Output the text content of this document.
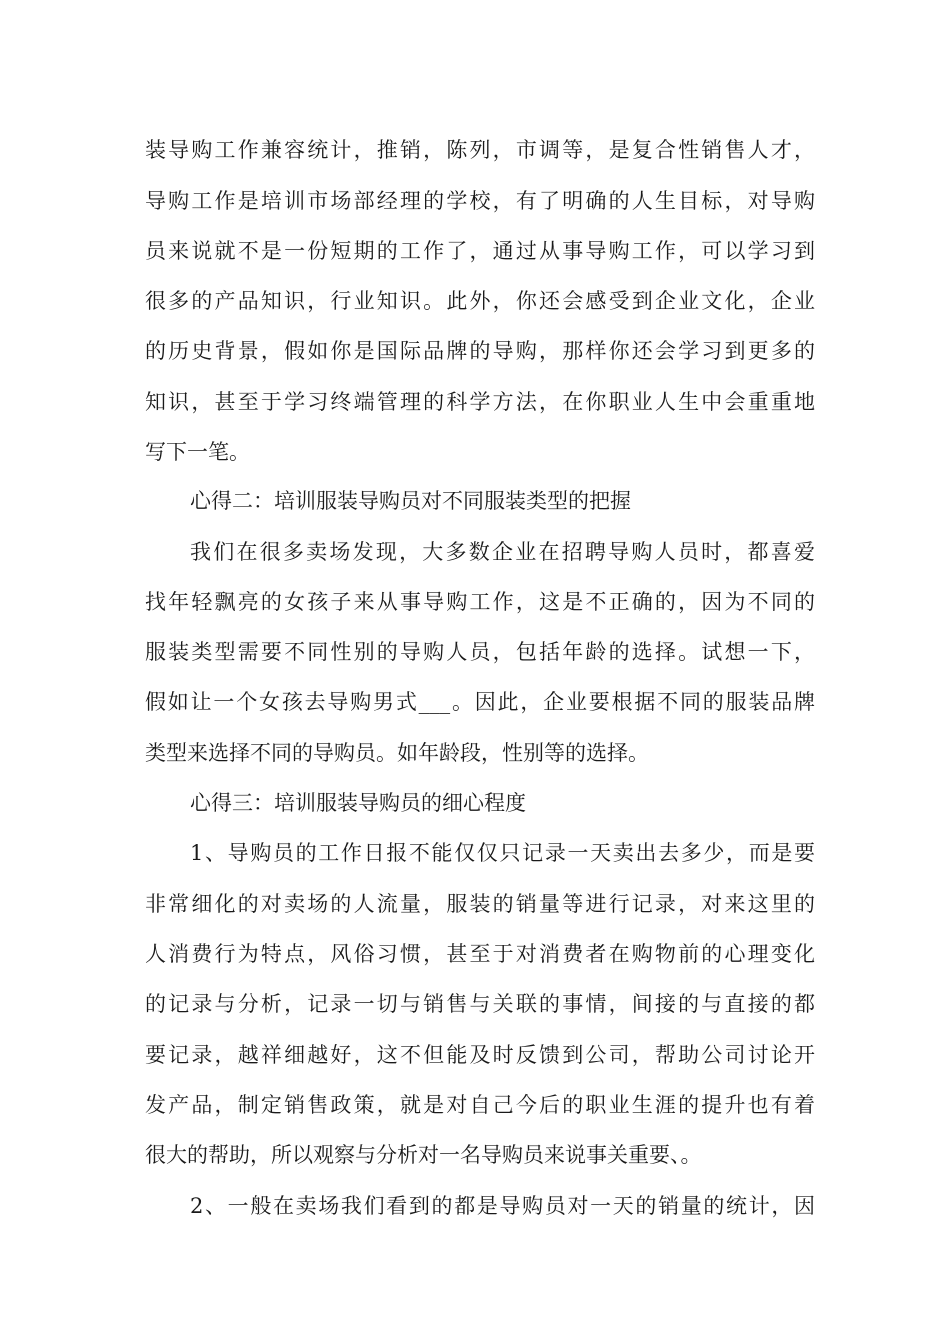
装导购工作兼容统计，推销，陈列，市调等，是复合性销售人才，
导购工作是培训市场部经理的学校，有了明确的人生目标，对导购
员来说就不是一份短期的工作了，通过从事导购工作，可以学习到
很多的产品知识，行业知识。此外，你还会感受到企业文化，企业
的历史背景，假如你是国际品牌的导购，那样你还会学习到更多的
知识，甚至于学习终端管理的科学方法，在你职业人生中会重重地
写下一笔。
心得二：培训服装导购员对不同服装类型的把握
我们在很多卖场发现，大多数企业在招聘导购人员时，都喜爱
找年轻飘亮的女孩子来从事导购工作，这是不正确的，因为不同的
服装类型需要不同性别的导购人员，包括年龄的选择。试想一下，
假如让一个女孩去导购男式___。因此，企业要根据不同的服装品牌
类型来选择不同的导购员。如年龄段，性别等的选择。
心得三：培训服装导购员的细心程度
1、导购员的工作日报不能仅仅只记录一天卖出去多少，而是要
非常细化的对卖场的人流量，服装的销量等进行记录，对来这里的
人消费行为特点，风俗习惯，甚至于对消费者在购物前的心理变化
的记录与分析，记录一切与销售与关联的事情，间接的与直接的都
要记录，越祥细越好，这不但能及时反馈到公司，帮助公司讨论开
发产品，制定销售政策，就是对自己今后的职业生涯的提升也有着
很大的帮助，所以观察与分析对一名导购员来说事关重要、。
2、一般在卖场我们看到的都是导购员对一天的销量的统计，因
